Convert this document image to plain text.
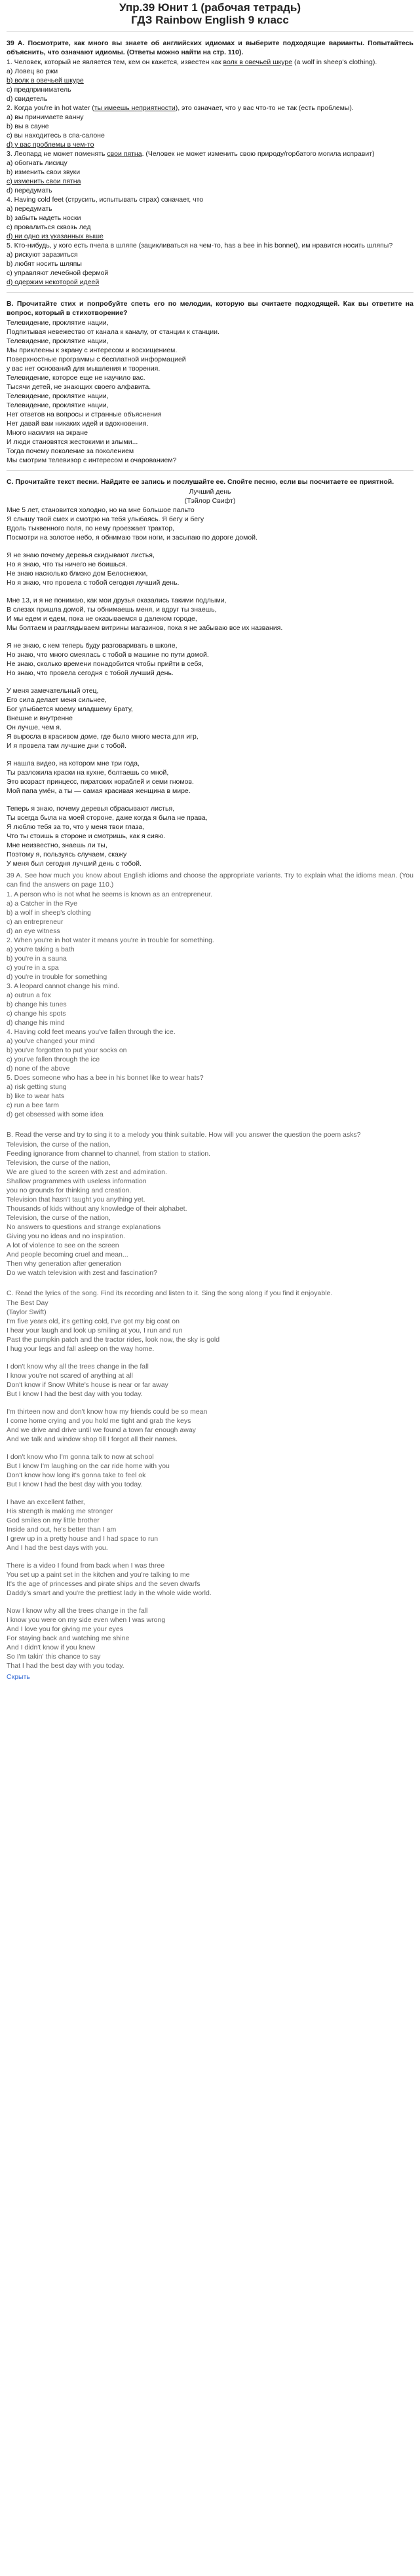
Упр.39 Юнит 1 (рабочая тетрадь)

ГДЗ Rainbow English 9 класс

39 А. Посмотрите, как много вы знаете об английских идиомах и выберите подходящие варианты. Попытайтесь объяснить, что означают идиомы. (Ответы можно найти на стр. 110).

1. Человек, который не является тем, кем он кажется, известен как волк в овечьей шкуре (a wolf in sheep's clothing).

а) Ловец во ржи

b) волк в овечьей шкуре

c) предприниматель

d) свидетель

2. Когда you're in hot water (ты имеешь неприятности), это означает, что у вас что-то не так (есть проблемы).

а) вы принимаете ванну

b) вы в сауне

c) вы находитесь в спа-салоне

d) у вас проблемы в чем-то

3. Леопард не может поменять свои пятна. (Человек не может изменить свою природу/горбатого могила исправит)

a) обогнать лисицу

b) изменить свои звуки

c) изменить свои пятна

d) передумать

4. Having cold feet (струсить, испытывать страх) означает, что

a) передумать

b) забыть надеть носки

c) провалиться сквозь лед

d) ни одно из указанных выше

5. Кто-нибудь, у кого есть пчела в шляпе (зацикливаться на чем-то, has a bee in his bonnet), им нравится носить шляпы?

a) рискуют заразиться

b) любят носить шляпы

c) управляют лечебной фермой

d) одержим некоторой идеей

B. Прочитайте стих и попробуйте спеть его по мелодии, которую вы считаете подходящей. Как вы ответите на вопрос, который в стихотворение?

Телевидение, проклятие нации,

Подпитывая невежество от канала к каналу, от станции к станции.

Телевидение, проклятие нации,

Мы приклеены к экрану с интересом и восхищением.

Поверхностные программы с бесплатной информацией

у вас нет оснований для мышления и творения.

Телевидение, которое еще не научило вас.

Тысячи детей, не знающих своего алфавита.

Телевидение, проклятие нации,

Телевидение, проклятие нации,

Нет ответов на вопросы и странные объяснения

Нет давай вам никаких идей и вдохновения.

Много насилия на экране

И люди становятся жестокими и злыми...

Тогда почему поколение за поколением

Мы смотрим телевизор с интересом и очарованием?

C. Прочитайте текст песни. Найдите ее запись и послушайте ее. Спойте песню, если вы посчитаете ее приятной.

Лучший день

(Тэйлор Свифт)

Мне 5 лет, становится холодно, но на мне большое пальто

Я слышу твой смех и смотрю на тебя улыбаясь. Я бегу и бегу

Вдоль тыквенного поля, по нему проезжает трактор,

Посмотри на золотое небо, я обнимаю твои ноги, и засыпаю по дороге домой.

Я не знаю почему деревья скидывают листья,

Но я знаю, что ты ничего не боишься.

Не знаю насколько близко дом Белоснежки,

Но я знаю, что провела с тобой сегодня лучший день.

Мне 13, и я не понимаю, как мои друзья оказались такими подлыми,

В слезах пришла домой, ты обнимаешь меня, и вдруг ты знаешь,

И мы едем и едем, пока не оказываемся в далеком городе,

Мы болтаем и разглядываем витрины магазинов, пока я не забываю все их названия.

Я не знаю, с кем теперь буду разговаривать в школе,

Но знаю, что много смеялась с тобой в машине по пути домой.

Не знаю, сколько времени понадобится чтобы прийти в себя,

Но знаю, что провела сегодня с тобой лучший день.

У меня замечательный отец,

Его сила делает меня сильнее,

Бог улыбается моему младшему брату,

Внешне и внутренне

Он лучше, чем я.

Я выросла в красивом доме, где было много места для игр,

И я провела там лучшие дни с тобой.

Я нашла видео, на котором мне три года,

Ты разложила краски на кухне, болтаешь со мной,

Это возраст принцесс, пиратских кораблей и семи гномов.

Мой папа умён, а ты — самая красивая женщина в мире.

Теперь я знаю, почему деревья сбрасывают листья,

Ты всегда была на моей стороне, даже когда я была не права,

Я люблю тебя за то, что у меня твои глаза,

Что ты стоишь в стороне и смотришь, как я сияю.

Мне неизвестно, знаешь ли ты,

Поэтому я, пользуясь случаем, скажу

У меня был сегодня лучший день с тобой.

39 A. See how much you know about English idioms and choose the appropriate variants. Try to explain what the idioms mean. (You can find the answers on page 110.)

1. A person who is not what he seems is known as an entrepreneur.

a) a Catcher in the Rye

b) a wolf in sheep's clothing

c) an entrepreneur

d) an eye witness

2. When you're in hot water it means you're in trouble for something.

a) you're taking a bath

b) you're in a sauna

c) you're in a spa

d) you're in trouble for something

3. A leopard cannot change his mind.

a) outrun a fox

b) change his tunes

c) change his spots

d) change his mind

4. Having cold feet means you've fallen through the ice.

a) you've changed your mind

b) you've forgotten to put your socks on

c) you've fallen through the ice

d) none of the above

5. Does someone who has a bee in his bonnet like to wear hats?

a) risk getting stung

b) like to wear hats

c) run a bee farm

d) get obsessed with some idea

B. Read the verse and try to sing it to a melody you think suitable. How will you answer the question the poem asks?

Television, the curse of the nation,

Feeding ignorance from channel to channel, from station to station.

Television, the curse of the nation,

We are glued to the screen with zest and admiration.

Shallow programmes with useless information

you no grounds for thinking and creation.

Television that hasn't taught you anything yet.

Thousands of kids without any knowledge of their alphabet.

Television, the curse of the nation,

No answers to questions and strange explanations

Giving you no ideas and no inspiration.

A lot of violence to see on the screen

And people becoming cruel and mean...

Then why generation after generation

Do we watch television with zest and fascination?

C. Read the lyrics of the song. Find its recording and listen to it. Sing the song along if you find it enjoyable.

The Best Day

(Taylor Swift)

I'm five years old, it's getting cold, I've got my big coat on

I hear your laugh and look up smiling at you, I run and run

Past the pumpkin patch and the tractor rides, look now, the sky is gold

I hug your legs and fall asleep on the way home.

I don't know why all the trees change in the fall

I know you're not scared of anything at all

Don't know if Snow White's house is near or far away

But I know I had the best day with you today.

I'm thirteen now and don't know how my friends could be so mean

I come home crying and you hold me tight and grab the keys

And we drive and drive until we found a town far enough away

And we talk and window shop till I forgot all their names.

I don't know who I'm gonna talk to now at school

But I know I'm laughing on the car ride home with you

Don't know how long it's gonna take to feel ok

But I know I had the best day with you today.

I have an excellent father,

His strength is making me stronger

God smiles on my little brother

Inside and out, he's better than I am

I grew up in a pretty house and I had space to run

And I had the best days with you.

There is a video I found from back when I was three

You set up a paint set in the kitchen and you're talking to me

It's the age of princesses and pirate ships and the seven dwarfs

Daddy's smart and you're the prettiest lady in the whole wide world.

Now I know why all the trees change in the fall

I know you were on my side even when I was wrong

And I love you for giving me your eyes

For staying back and watching me shine

And I didn't know if you knew

So I'm takin' this chance to say

That I had the best day with you today.

Скрыть
